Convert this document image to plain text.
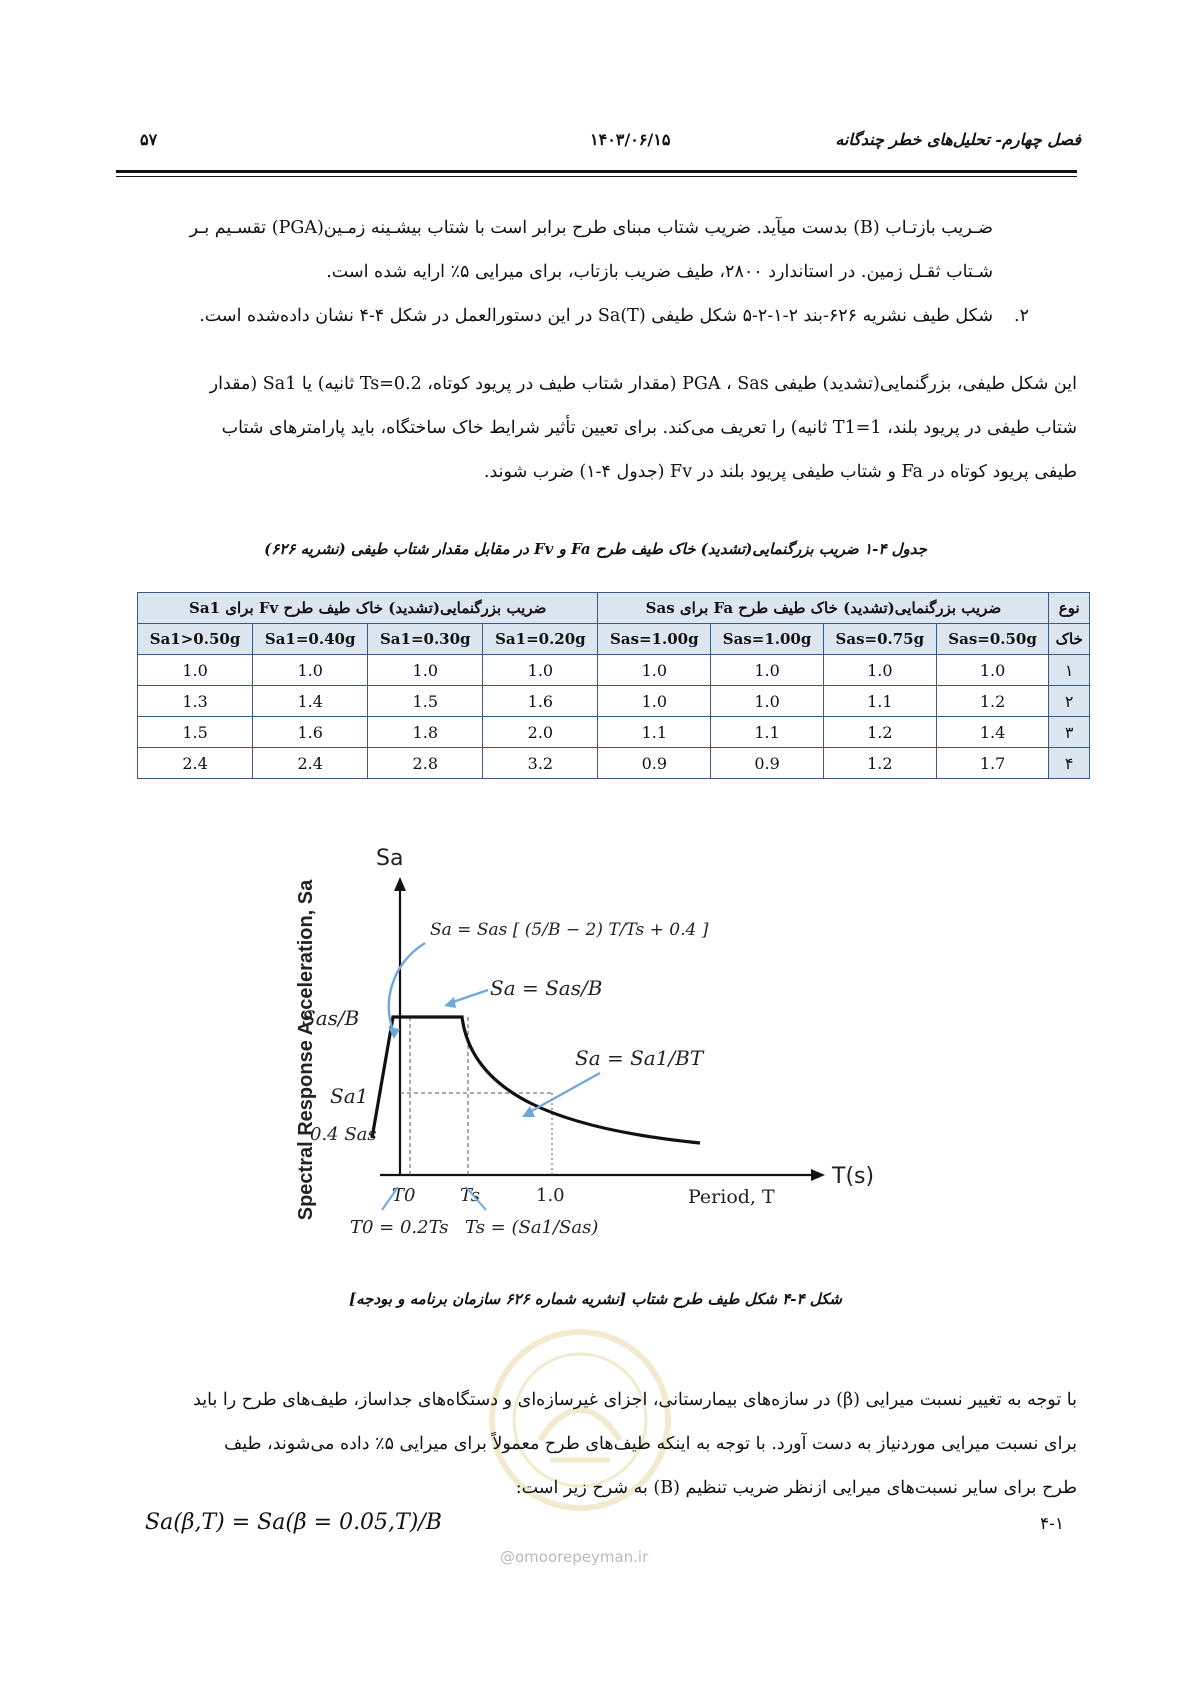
فصل چهارم- تحلیل‌های خطر چندگانه
۱۴۰۳/۰۶/۱۵
۵۷
ضـریب بازتـاب (B) بدست میآید. ضریب شتاب مبنای طرح برابر است با شتاب بیشـینه زمـین(PGA) تقسـیم بـر
شـتاب ثقـل زمین. در استاندارد ۲۸۰۰، طیف ضریب بازتاب، برای میرایی ۵٪ ارایه شده است.
۲.
شکل طیف نشریه ۶۲۶-بند ۲-۱-۲-۵ شکل طیفی Sa(T) در این دستورالعمل در شکل ۴-۴ نشان داده‌شده است.
این شکل طیفی، بزرگنمایی(تشدید) طیفی PGA ، Sas (مقدار شتاب طیف در پریود کوتاه، Ts=0.2 ثانیه) یا Sa1 (مقدار
شتاب طیفی در پریود بلند، T1=1 ثانیه) را تعریف می‌کند. برای تعیین تأثیر شرایط خاک ساختگاه، باید پارامترهای شتاب
طیفی پریود کوتاه در Fa و شتاب طیفی پریود بلند در Fv (جدول ۴-۱) ضرب شوند.
جدول ۴-۱ ضریب بزرگنمایی(تشدید) خاک طیف طرح Fa و Fv در مقابل مقدار شتاب طیفی (نشریه ۶۲۶)
ضریب بزرگنمایی(تشدید) خاک طیف طرح Fv برای Sa1				ضریب بزرگنمایی(تشدید) خاک طیف طرح Fa برای Sas				نوع
Sa1>0.50g	Sa1=0.40g	Sa1=0.30g	Sa1=0.20g	Sas=1.00g	Sas=1.00g	Sas=0.75g	Sas=0.50g	خاک
1.0	1.0	1.0	1.0	1.0	1.0	1.0	1.0	۱
1.3	1.4	1.5	1.6	1.0	1.0	1.1	1.2	۲
1.5	1.6	1.8	2.0	1.1	1.1	1.2	1.4	۳
2.4	2.4	2.8	3.2	0.9	0.9	1.2	1.7	۴
Spectral Response Acceleration, Sa
Sa
T(s)
Period, T
Sas/B
Sa1
0.4 Sas
T0 Ts	1.0
Sa = Sas [ (5/B − 2) T/Ts + 0.4 ]
Sa = Sas/B
Sa = Sa1/BT
T0 = 0.2Ts Ts = (Sa1/Sas)
شکل ۴-۴ شکل طیف طرح شتاب [نشریه شماره ۶۲۶ سازمان برنامه و بودجه]
@omoorepeyman.ir
با توجه به تغییر نسبت میرایی (β) در سازه‌های بیمارستانی، اجزای غیرسازه‌ای و دستگاه‌های جداساز، طیف‌های طرح را باید
برای نسبت میرایی موردنیاز به دست آورد. با توجه به اینکه طیف‌های طرح معمولاً برای میرایی ۵٪ داده می‌شوند، طیف
طرح برای سایر نسبت‌های میرایی ازنظر ضریب تنظیم (B) به شرح زیر است:
Sa(β,T) = Sa(β = 0.05,T)/B	۴-۱
